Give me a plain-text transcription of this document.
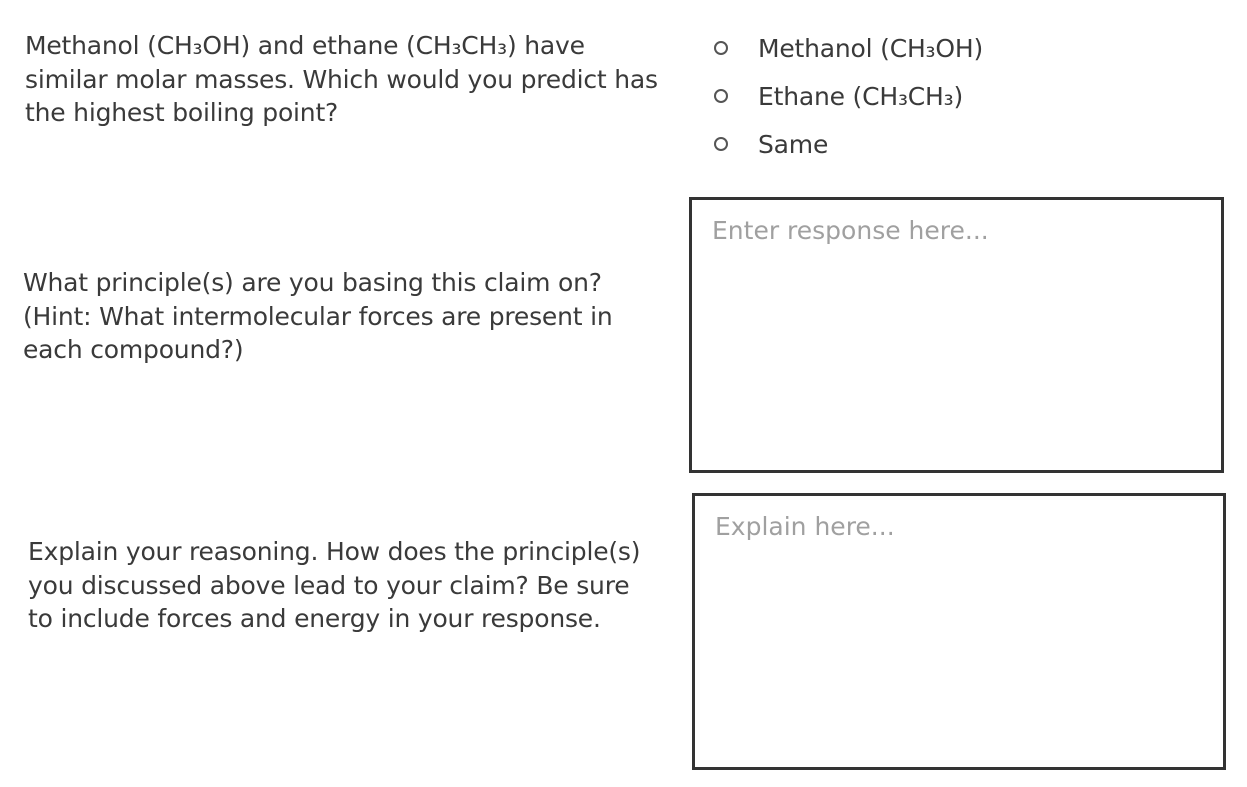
Methanol (CH₃OH) and ethane (CH₃CH₃) have similar molar masses. Which would you predict has the highest boiling point?

Methanol (CH₃OH)
Ethane (CH₃CH₃)
Same

What principle(s) are you basing this claim on? (Hint: What intermolecular forces are present in each compound?)

Enter response here...

Explain your reasoning. How does the principle(s) you discussed above lead to your claim? Be sure to include forces and energy in your response.

Explain here...
